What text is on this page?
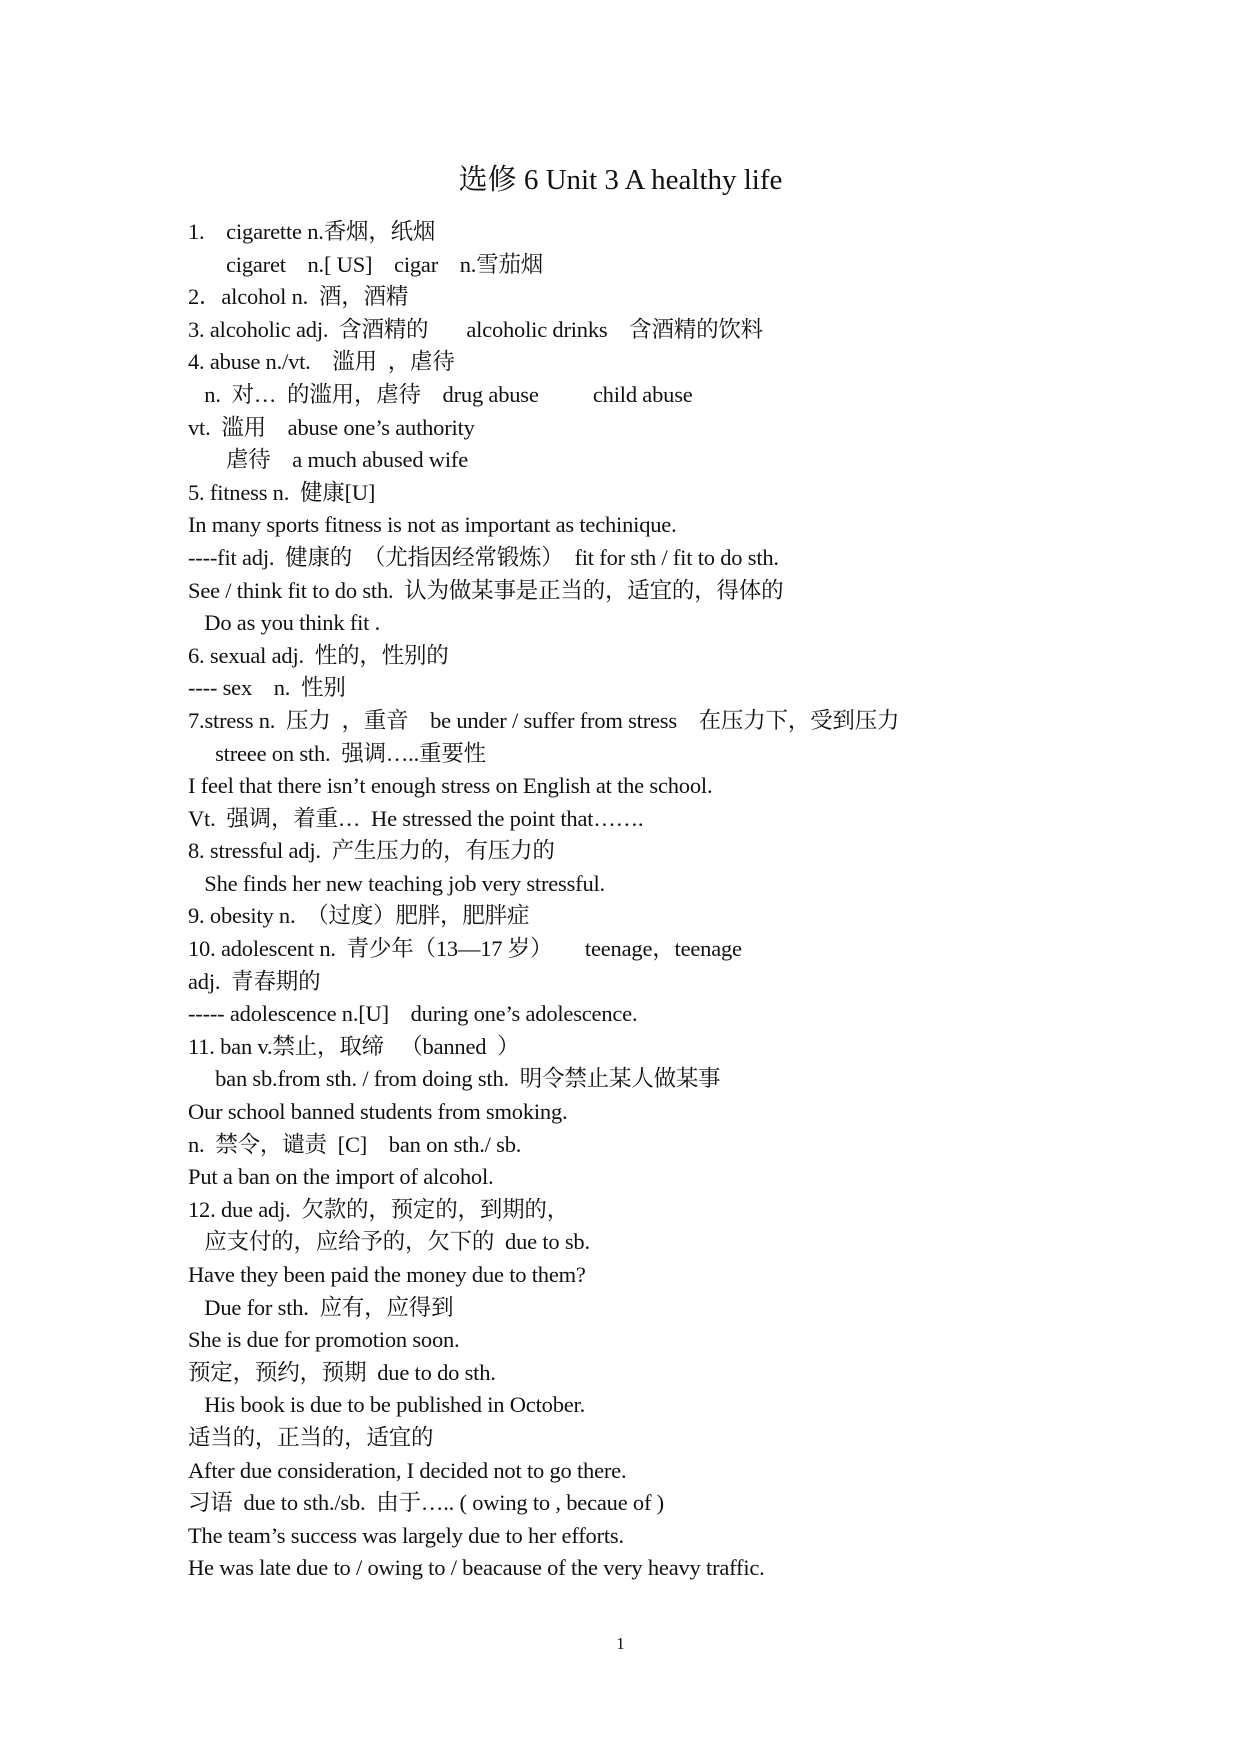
选修 6 Unit 3 A healthy life
1.    cigarette n.香烟，纸烟
cigaret    n.[ US]    cigar    n.雪茄烟
2．alcohol n.  酒，酒精
3. alcoholic adj.  含酒精的       alcoholic drinks    含酒精的饮料
4. abuse n./vt.    滥用  ，虐待
n.  对…  的滥用，虐待    drug abuse          child abuse
vt.  滥用    abuse one’s authority
虐待    a much abused wife
5. fitness n.  健康[U]
In many sports fitness is not as important as techinique.
----fit adj.  健康的  （尤指因经常锻炼）  fit for sth / fit to do sth.
See / think fit to do sth.  认为做某事是正当的，适宜的，得体的
Do as you think fit .
6. sexual adj.  性的，性别的
---- sex    n.  性别
7.stress n.  压力  ，重音    be under / suffer from stress    在压力下，受到压力
streee on sth.  强调…..重要性
I feel that there isn’t enough stress on English at the school.
Vt.  强调，着重…  He stressed the point that…….
8. stressful adj.  产生压力的，有压力的
She finds her new teaching job very stressful.
9. obesity n.  （过度）肥胖，肥胖症
10. adolescent n.  青少年（13—17 岁）      teenage，teenage
adj.  青春期的
----- adolescence n.[U]    during one’s adolescence.
11. ban v.禁止，取缔   （banned  ）
ban sb.from sth. / from doing sth.  明令禁止某人做某事
Our school banned students from smoking.
n.  禁令，谴责  [C]    ban on sth./ sb.
Put a ban on the import of alcohol.
12. due adj.  欠款的，预定的，到期的，
应支付的，应给予的，欠下的  due to sb.
Have they been paid the money due to them?
Due for sth.  应有，应得到
She is due for promotion soon.
预定，预约，预期  due to do sth.
His book is due to be published in October.
适当的，正当的，适宜的
After due consideration, I decided not to go there.
习语  due to sth./sb.  由于….. ( owing to , becaue of )
The team’s success was largely due to her efforts.
He was late due to / owing to / beacause of the very heavy traffic.
1
